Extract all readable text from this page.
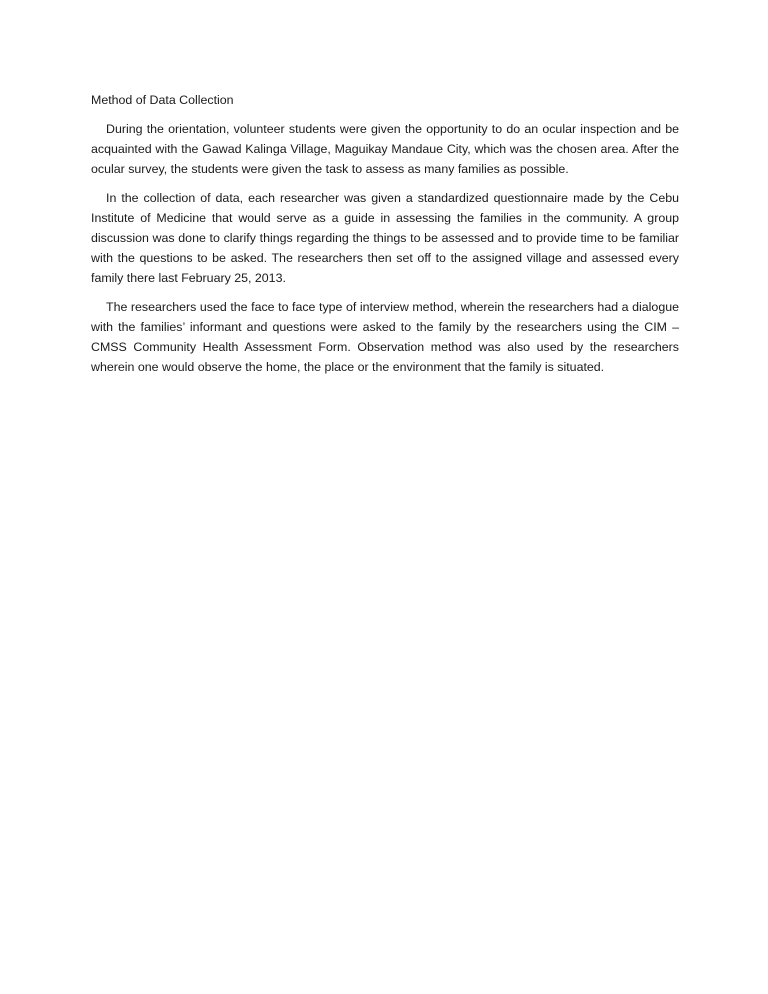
Method of Data Collection

During the orientation, volunteer students were given the opportunity to do an ocular inspection and be acquainted with the Gawad Kalinga Village, Maguikay Mandaue City, which was the chosen area. After the ocular survey, the students were given the task to assess as many families as possible.

In the collection of data, each researcher was given a standardized questionnaire made by the Cebu Institute of Medicine that would serve as a guide in assessing the families in the community. A group discussion was done to clarify things regarding the things to be assessed and to provide time to be familiar with the questions to be asked. The researchers then set off to the assigned village and assessed every family there last February 25, 2013.

The researchers used the face to face type of interview method, wherein the researchers had a dialogue with the families’ informant and questions were asked to the family by the researchers using the CIM –CMSS Community Health Assessment Form. Observation method was also used by the researchers wherein one would observe the home, the place or the environment that the family is situated.
